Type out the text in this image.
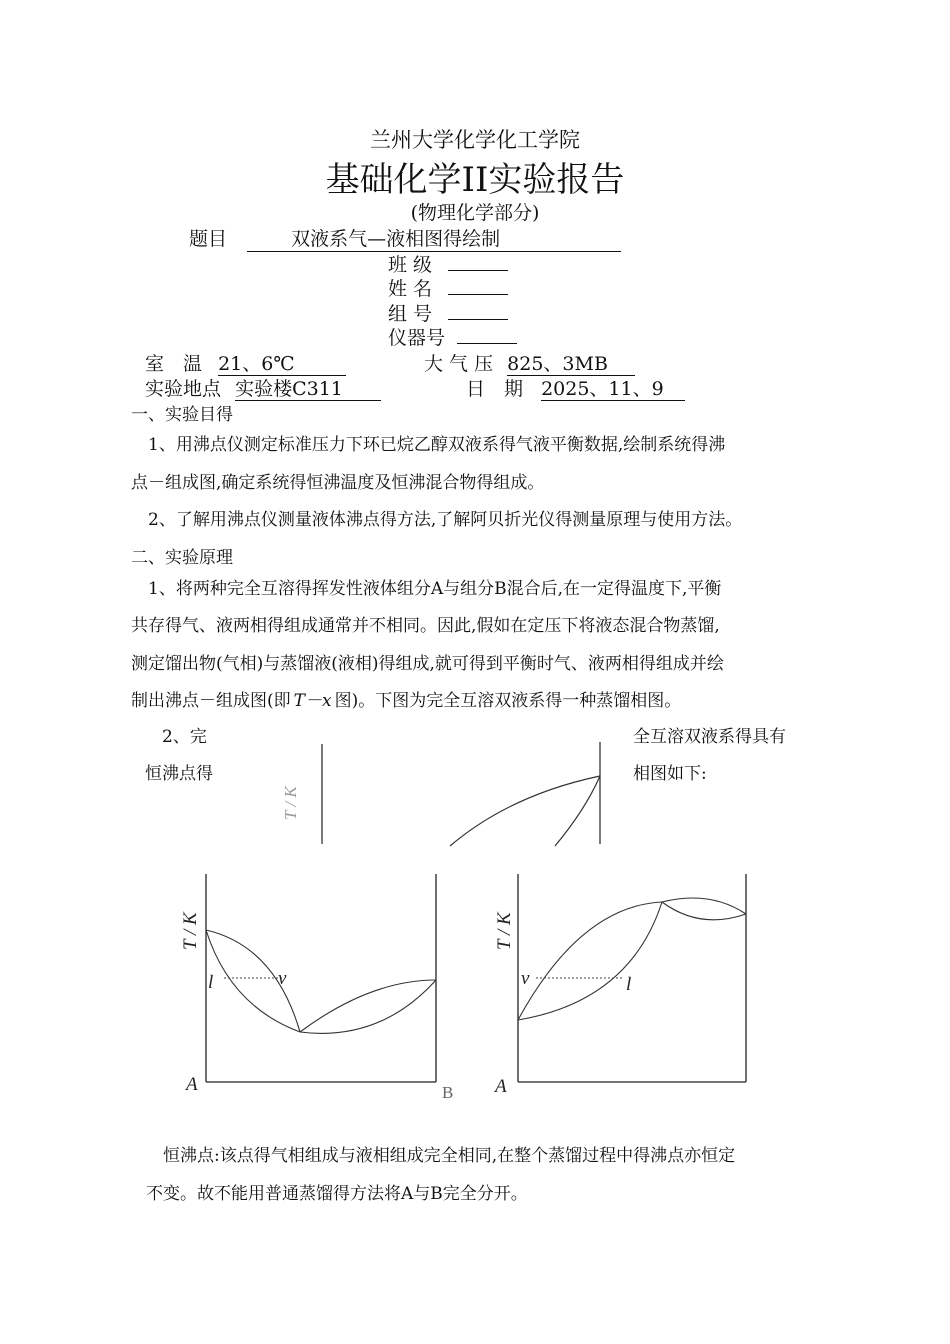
兰州大学化学化工学院
基础化学II实验报告
(物理化学部分)
题目	双液系气—液相图得绘制
班 级
姓 名
组 号
仪器号
室　温 21、6℃	大 气 压 825、3MB
实验地点 实验楼C311	日　期 2025、11、9
一、实验目得
1、用沸点仪测定标准压力下环已烷乙醇双液系得气液平衡数据,绘制系统得沸
点－组成图,确定系统得恒沸温度及恒沸混合物得组成。
2、了解用沸点仪测量液体沸点得方法,了解阿贝折光仪得测量原理与使用方法。
二、实验原理
1、将两种完全互溶得挥发性液体组分A与组分B混合后,在一定得温度下,平衡
共存得气、液两相得组成通常并不相同。因此,假如在定压下将液态混合物蒸馏,
测定馏出物(气相)与蒸馏液(液相)得组成,就可得到平衡时气、液两相得组成并绘
制出沸点－组成图(即 T－x 图)。下图为完全互溶双液系得一种蒸馏相图。
2、完
恒沸点得
全互溶双液系得具有
相图如下:
T / K
T / K
l	v
A	B
T / K
v	l
A
恒沸点:该点得气相组成与液相组成完全相同,在整个蒸馏过程中得沸点亦恒定
不变。故不能用普通蒸馏得方法将A与B完全分开。
